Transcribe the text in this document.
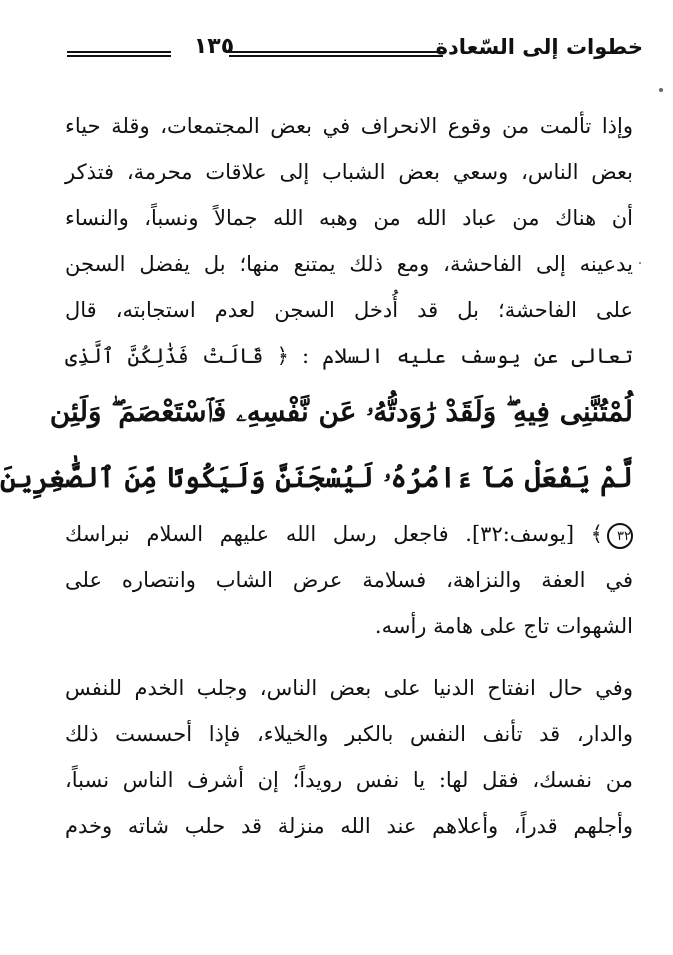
خطوات إلى السّعادة
١٣٥
وإذا تألمت من وقوع الانحراف في بعض المجتمعات، وقلة حياء
بعض الناس، وسعي بعض الشباب إلى علاقات محرمة، فتذكر
أن هناك من عباد الله من وهبه الله جمالاً ونسباً، والنساء
يدعينه إلى الفاحشة، ومع ذلك يمتنع منها؛ بل يفضل السجن
على الفاحشة؛ بل قد أُدخل السجن لعدم استجابته، قال
تعالى عن يوسف عليه السلام : ﴿ قَالَتْ فَذَٰلِكُنَّ ٱلَّذِى
لُمْتُنَّنِى فِيهِ ۖ وَلَقَدْ رَٰوَدتُّهُۥ عَن نَّفْسِهِۦ فَٱسْتَعْصَمَ ۖ وَلَئِن
لَّمْ يَفْعَلْ مَآ ءَامُرُهُۥ لَيُسْجَنَنَّ وَلَيَكُونًا مِّنَ ٱلصَّٰغِرِينَ
٣٢﴾ [يوسف:٣٢]. فاجعل رسل الله عليهم السلام نبراسك
في العفة والنزاهة، فسلامة عرض الشاب وانتصاره على
الشهوات تاج على هامة رأسه.
وفي حال انفتاح الدنيا على بعض الناس، وجلب الخدم للنفس
والدار، قد تأنف النفس بالكبر والخيلاء، فإذا أحسست ذلك
من نفسك، فقل لها: يا نفس رويداً؛ إن أشرف الناس نسباً،
وأجلهم قدراً، وأعلاهم عند الله منزلة قد حلب شاته وخدم
